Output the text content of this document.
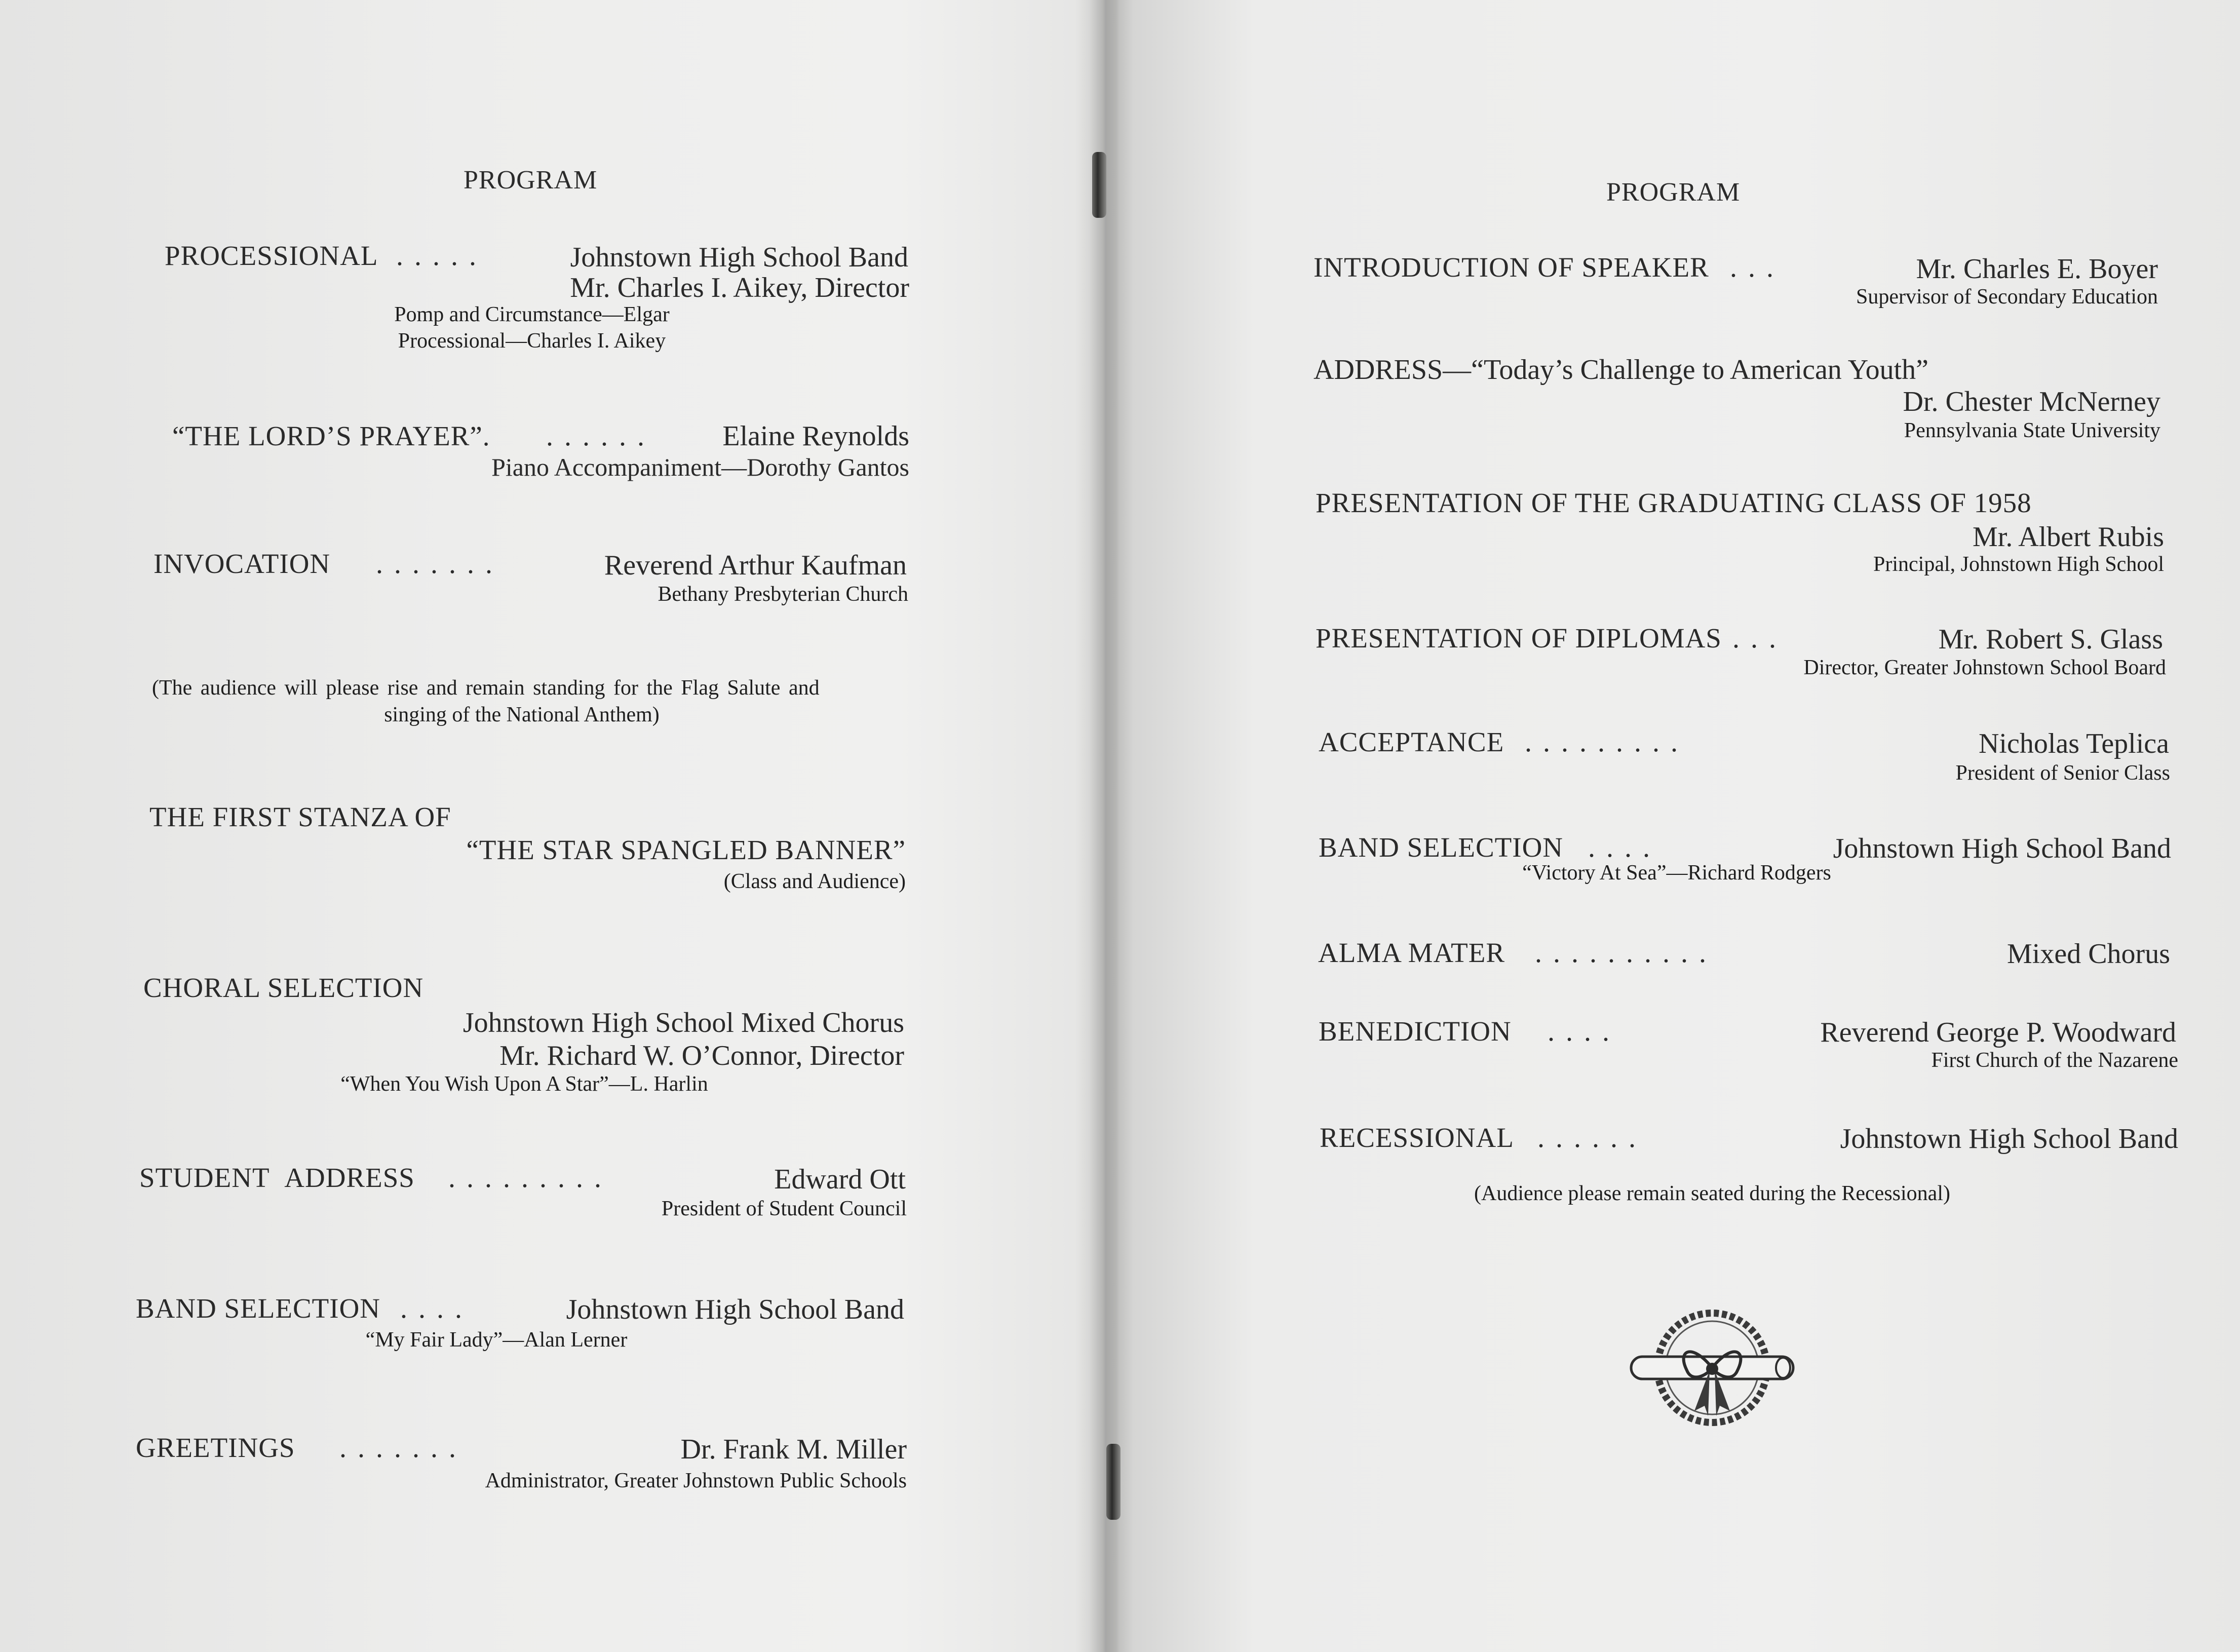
PROGRAM
PROCESSIONAL .....	Johnstown High School Band
Mr. Charles I. Aikey, Director
Pomp and Circumstance—Elgar
Processional—Charles I. Aikey
“THE LORD’S PRAYER”. ...... Elaine Reynolds
Piano Accompaniment—Dorothy Gantos
INVOCATION .......	Reverend Arthur Kaufman
Bethany Presbyterian Church
(The audience will please rise and remain standing for the Flag Salute and
singing of the National Anthem)
THE FIRST STANZA OF
“THE STAR SPANGLED BANNER”
(Class and Audience)
CHORAL SELECTION
Johnstown High School Mixed Chorus
Mr. Richard W. O’Connor, Director
“When You Wish Upon A Star”—L. Harlin
STUDENT ADDRESS .........	Edward Ott
President of Student Council
BAND SELECTION ....	Johnstown High School Band
“My Fair Lady”—Alan Lerner
GREETINGS .......	Dr. Frank M. Miller
Administrator, Greater Johnstown Public Schools
PROGRAM
INTRODUCTION OF SPEAKER ...	Mr. Charles E. Boyer
Supervisor of Secondary Education
ADDRESS—“Today’s Challenge to American Youth”
Dr. Chester McNerney
Pennsylvania State University
PRESENTATION OF THE GRADUATING CLASS OF 1958
Mr. Albert Rubis
Principal, Johnstown High School
PRESENTATION OF DIPLOMAS ...	Mr. Robert S. Glass
Director, Greater Johnstown School Board
ACCEPTANCE .........	Nicholas Teplica
President of Senior Class
BAND SELECTION ....	Johnstown High School Band
“Victory At Sea”—Richard Rodgers
ALMA MATER ..........	Mixed Chorus
BENEDICTION ....	Reverend George P. Woodward
First Church of the Nazarene
RECESSIONAL ......	Johnstown High School Band
(Audience please remain seated during the Recessional)
